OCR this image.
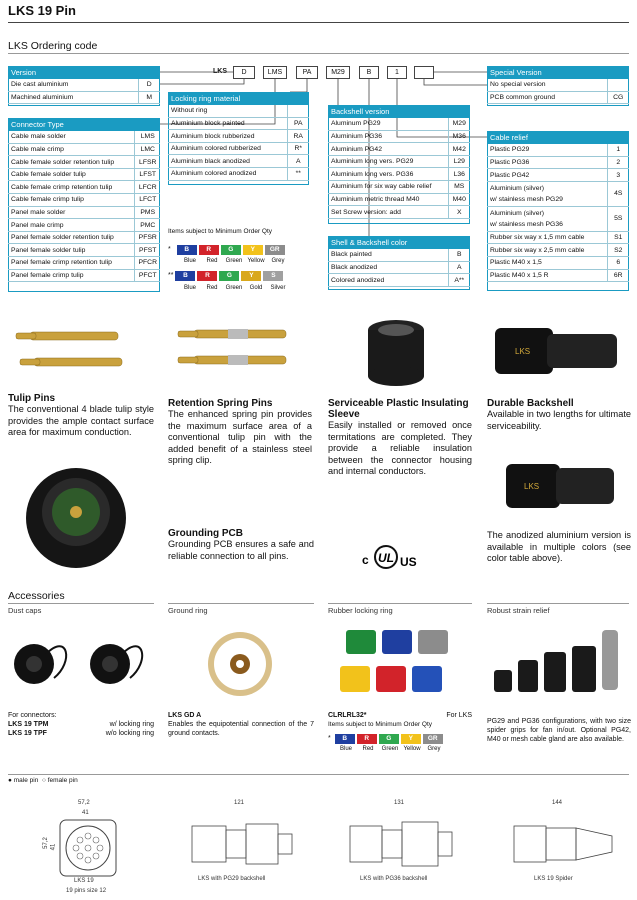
LKS 19 Pin
LKS Ordering code
LKS	D	LMS	PA	M29	B	1
Version	
Die cast aluminium	D
Machined aluminium	M
Connector Type	
Cable male solder	LMS
Cable male crimp	LMC
Cable female solder retention tulip	LFSR
Cable female solder tulip	LFST
Cable female crimp retention tulip	LFCR
Cable female crimp tulip	LFCT
Panel male solder	PMS
Panel male crimp	PMC
Panel female solder retention tulip	PFSR
Panel female solder tulip	PFST
Panel female crimp retention tulip	PFCR
Panel female crimp tulip	PFCT
Locking ring material	
Without ring	
Aluminium block painted	PA
Aluminium block rubberized	RA
Aluminium colored rubberized	R*
Aluminium black anodized	A
Aluminium colored anodized	**
Backshell version	
Aluminum PG29	M29
Aluminium PG36	M36
Aluminium PG42	M42
Aluminium long vers. PG29	L29
Aluminium long vers. PG36	L36
Aluminium for six way cable relief	MS
Aluminium metric thread M40	M40
Set Screw version: add	X
Shell & Backshell color	
Black painted	B
Black anodized	A
Colored anodized	A**
Special Version	
No special version	
PCB common ground	CG
Cable relief	
Plastic PG29	1
Plastic PG36	2
Plastic PG42	3
Aluminium (silver)
w/ stainless mesh PG29	4S
Aluminium (silver)
w/ stainless mesh PG36	5S
Rubber six way x 1,5 mm cable	S1
Rubber six way x 2,5 mm cable	S2
Plastic M40 x 1,5	6
Plastic M40 x 1,5 R	6R
Items subject to Minimum Order Qty
* B	R	G	Y GR
Blue Red Green Yellow Grey
** B	R	G	Y	S
Blue Red Green Gold Silver
LKS
Tulip Pins
The conventional 4 blade tulip style provides the ample contact surface area for maximum conduction.
Retention Spring Pins
The enhanced spring pin provides the maximum surface area of a conventional tulip pin with the added benefit of a stainless steel spring clip.
Serviceable Plastic Insulating Sleeve
Easily installed or removed once termitations are completed. They provide a reliable insulation between the connector housing and internal conductors.
Durable Backshell
Available in two lengths for ultimate serviceability.
LKS
Grounding PCB
Grounding PCB ensures a safe and reliable connection to all pins.	c UL US
The anodized aluminium version is available in multiple colors (see color table above).
Accessories
Dust caps	Ground ring	Rubber locking ring	Robust strain relief
For connectors:
LKS 19 TPM	w/ locking ring
LKS 19 TPF	w/o locking ring
LKS GD A
Enables the equipotential connection of the 7 ground contacts.
CLRLRL32*	For LKS
Items subject to Minimum Order Qty
* B	R	G	Y GR
Blue Red Green Yellow Grey
PG29 and PG36 configurations, with two size spider grips for fan in/out. Optional PG42, M40 or mesh cable gland are also available.
● male pin ○ female pin
57,2
41
57,2 41
LKS 19
19 pins size 12
121
LKS with PG29 backshell
131
LKS with PG36 backshell
144
LKS 19 Spider
